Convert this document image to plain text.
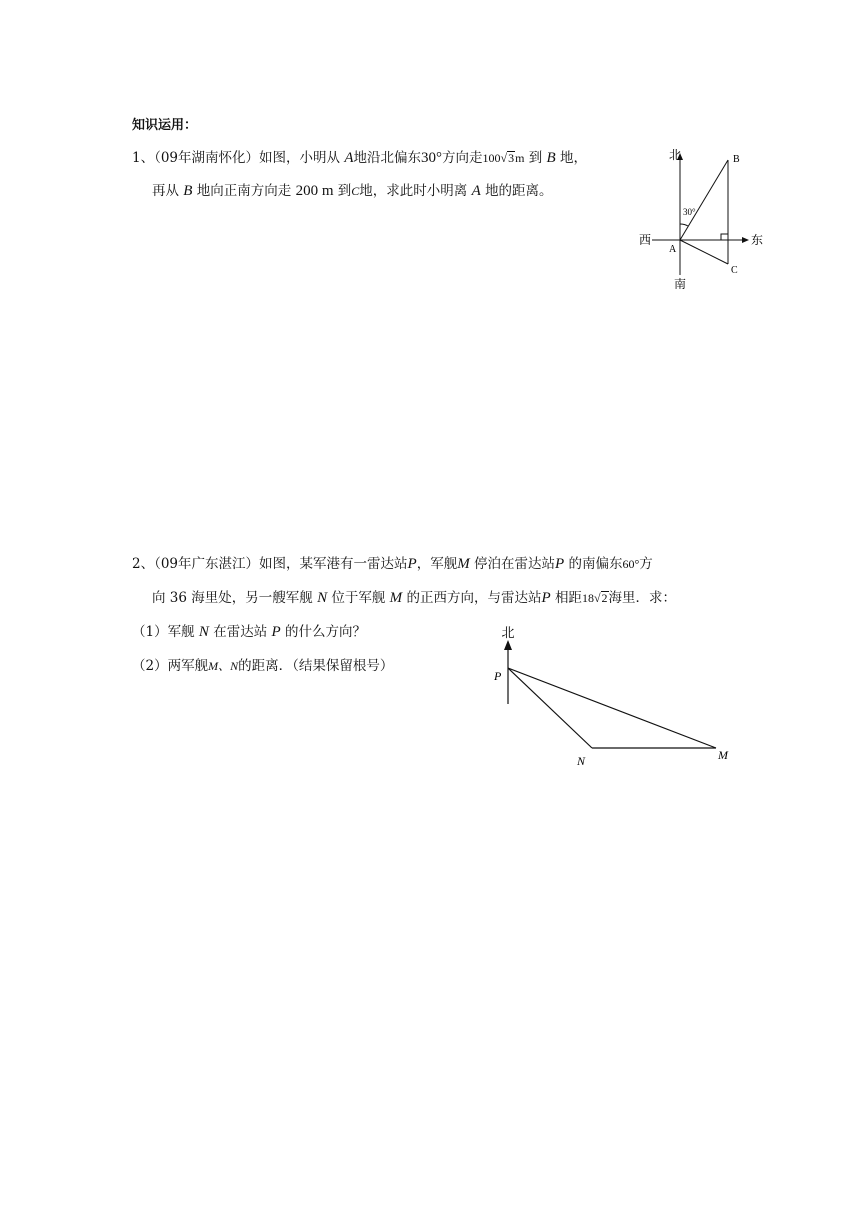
知识运用：
1、（09年湖南怀化）如图，小明从 A地沿北偏东30°方向走100√3m 到 B 地，
再从 B 地向正南方向走 200 m 到C地，求此时小明离 A 地的距离。
北
南
西	东
A
B
C
30°
2、（09年广东湛江）如图，某军港有一雷达站P，军舰M 停泊在雷达站P 的南偏东60°方
向 36 海里处，另一艘军舰 N 位于军舰 M 的正西方向，与雷达站P 相距18√2海里．求：
（1）军舰 N 在雷达站 P 的什么方向？
（2）两军舰M、N的距离．（结果保留根号）
北
P
N	M
